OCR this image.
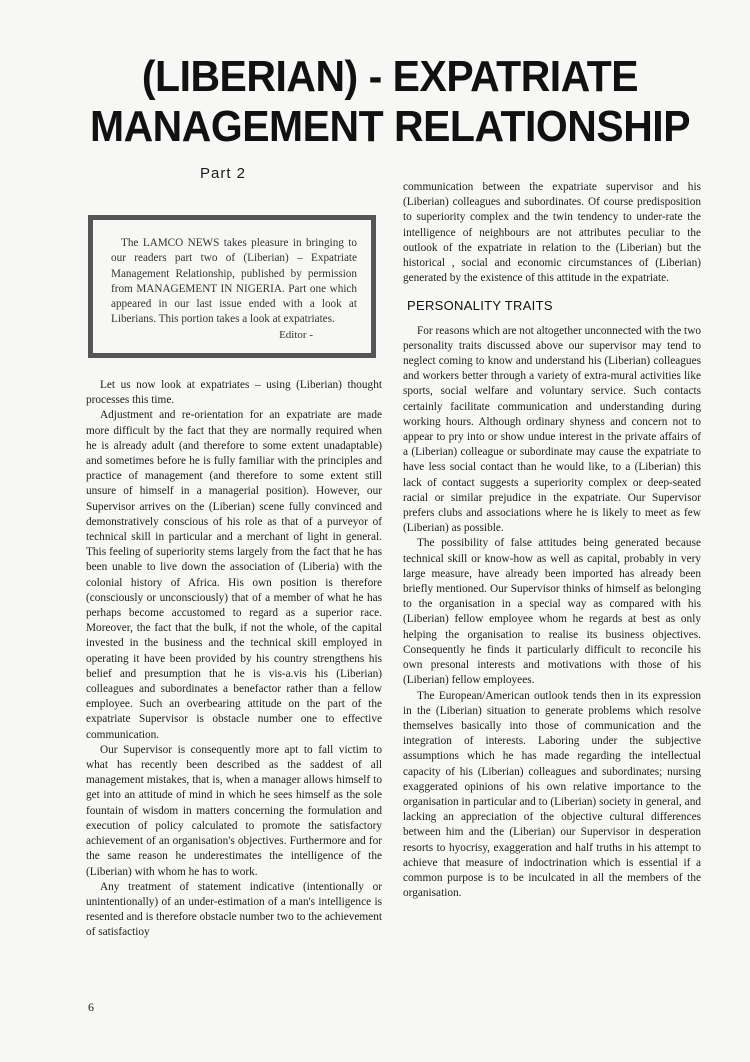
(LIBERIAN) - EXPATRIATE
MANAGEMENT RELATIONSHIP
Part 2

The LAMCO NEWS takes pleasure in bringing to our readers part two of (Liberian) – Expatriate Management Relationship, published by permission from MANAGEMENT IN NIGERIA. Part one which appeared in our last issue ended with a look at Liberians. This portion takes a look at expatriates.

Editor -

Let us now look at expatriates – using (Liberian) thought processes this time.

Adjustment and re-orientation for an expatriate are made more difficult by the fact that they are normally required when he is already adult (and therefore to some extent unadaptable) and sometimes before he is fully familiar with the principles and practice of management (and therefore to some extent still unsure of himself in a managerial position). However, our Supervisor arrives on the (Liberian) scene fully convinced and demonstratively conscious of his role as that of a purveyor of technical skill in particular and a merchant of light in general. This feeling of superiority stems largely from the fact that he has been unable to live down the association of (Liberia) with the colonial history of Africa. His own position is therefore (consciously or unconsciously) that of a member of what he has perhaps become accustomed to regard as a superior race. Moreover, the fact that the bulk, if not the whole, of the capital invested in the business and the technical skill employed in operating it have been provided by his country strengthens his belief and presumption that he is vis-a.vis his (Liberian) colleagues and subordinates a benefactor rather than a fellow employee. Such an overbearing attitude on the part of the expatriate Supervisor is obstacle number one to effective communication.

Our Supervisor is consequently more apt to fall victim to what has recently been described as the saddest of all management mistakes, that is, when a manager allows himself to get into an attitude of mind in which he sees himself as the sole fountain of wisdom in matters concerning the formulation and execution of policy calculated to promote the satisfactory achievement of an organisation's objectives. Furthermore and for the same reason he underestimates the intelligence of the (Liberian) with whom he has to work.

Any treatment of statement indicative (intentionally or unintentionally) of an under-estimation of a man's intelligence is resented and is therefore obstacle number two to the achievement of satisfactioy

communication between the expatriate supervisor and his (Liberian) colleagues and subordinates. Of course predisposition to superiority complex and the twin tendency to under-rate the intelligence of neighbours are not attributes peculiar to the outlook of the expatriate in relation to the (Liberian) but the historical , social and economic circumstances of (Liberian) generated by the existence of this attitude in the expatriate.

PERSONALITY TRAITS

For reasons which are not altogether unconnected with the two personality traits discussed above our supervisor may tend to neglect coming to know and understand his (Liberian) colleagues and workers better through a variety of extra-mural activities like sports, social welfare and voluntary service. Such contacts certainly facilitate communication and understanding during working hours. Although ordinary shyness and concern not to appear to pry into or show undue interest in the private affairs of a (Liberian) colleague or subordinate may cause the expatriate to have less social contact than he would like, to a (Liberian) this lack of contact suggests a superiority complex or deep-seated racial or similar prejudice in the expatriate. Our Supervisor prefers clubs and associations where he is likely to meet as few (Liberian) as possible.

The possibility of false attitudes being generated because technical skill or know-how as well as capital, probably in very large measure, have already been imported has already been briefly mentioned. Our Supervisor thinks of himself as belonging to the organisation in a special way as compared with his (Liberian) fellow employee whom he regards at best as only helping the organisation to realise its business objectives. Consequently he finds it particularly difficult to reconcile his own presonal interests and motivations with those of his (Liberian) fellow employees.

The European/American outlook tends then in its expression in the (Liberian) situation to generate problems which resolve themselves basically into those of communication and the integration of interests. Laboring under the subjective assumptions which he has made regarding the intellectual capacity of his (Liberian) colleagues and subordinates; nursing exaggerated opinions of his own relative importance to the organisation in particular and to (Liberian) society in general, and lacking an appreciation of the objective cultural differences between him and the (Liberian) our Supervisor in desperation resorts to hyocrisy, exaggeration and half truths in his attempt to achieve that measure of indoctrination which is essential if a common purpose is to be inculcated in all the members of the organisation.

6
